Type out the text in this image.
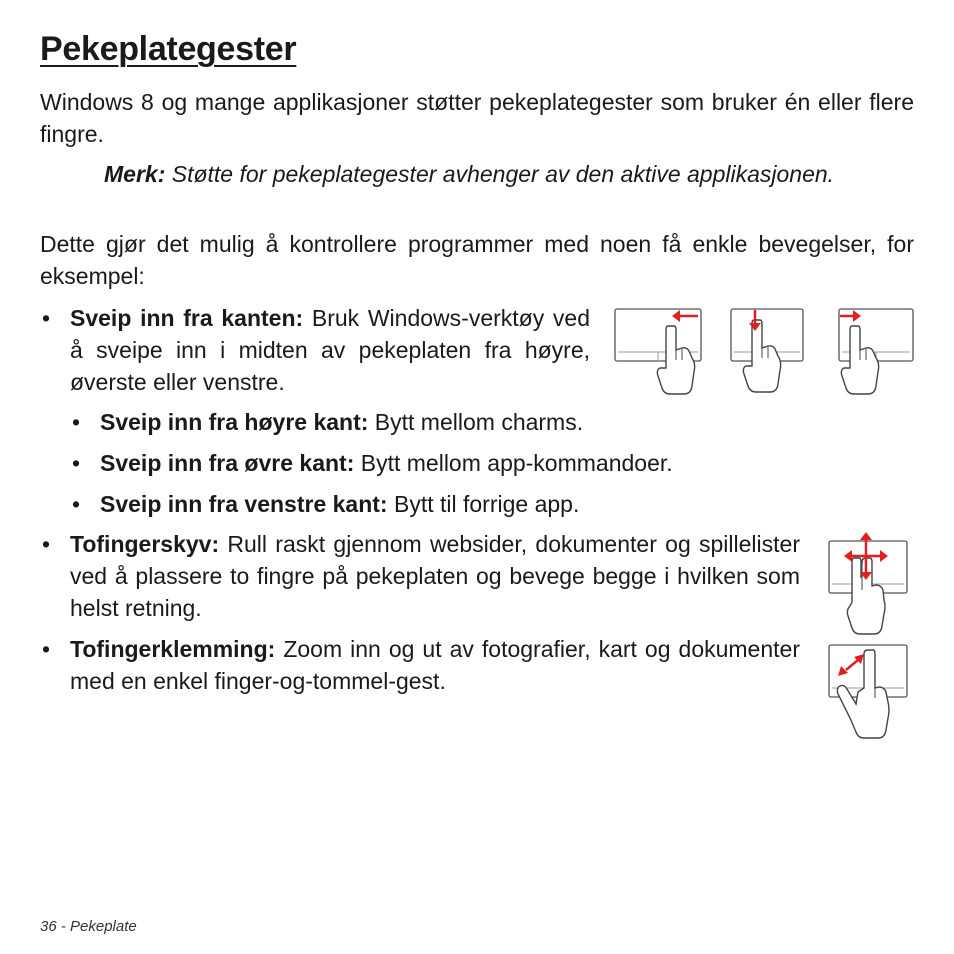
Pekeplategester

Windows 8 og mange applikasjoner støtter pekeplategester som bruker én eller flere fingre.

Merk: Støtte for pekeplategester avhenger av den aktive applikasjonen.

Dette gjør det mulig å kontrollere programmer med noen få enkle bevegelser, for eksempel:

• Sveip inn fra kanten: Bruk Windows-verktøy ved å sveipe inn i midten av pekeplaten fra høyre, øverste eller venstre.

• Sveip inn fra høyre kant: Bytt mellom charms.

• Sveip inn fra øvre kant: Bytt mellom app-kommandoer.

• Sveip inn fra venstre kant: Bytt til forrige app.

• Tofingerskyv: Rull raskt gjennom websider, dokumenter og spillelister ved å plassere to fingre på pekeplaten og bevege begge i hvilken som helst retning.

• Tofingerklemming: Zoom inn og ut av fotografier, kart og dokumenter med en enkel finger-og-tommel-gest.

36 - Pekeplate
